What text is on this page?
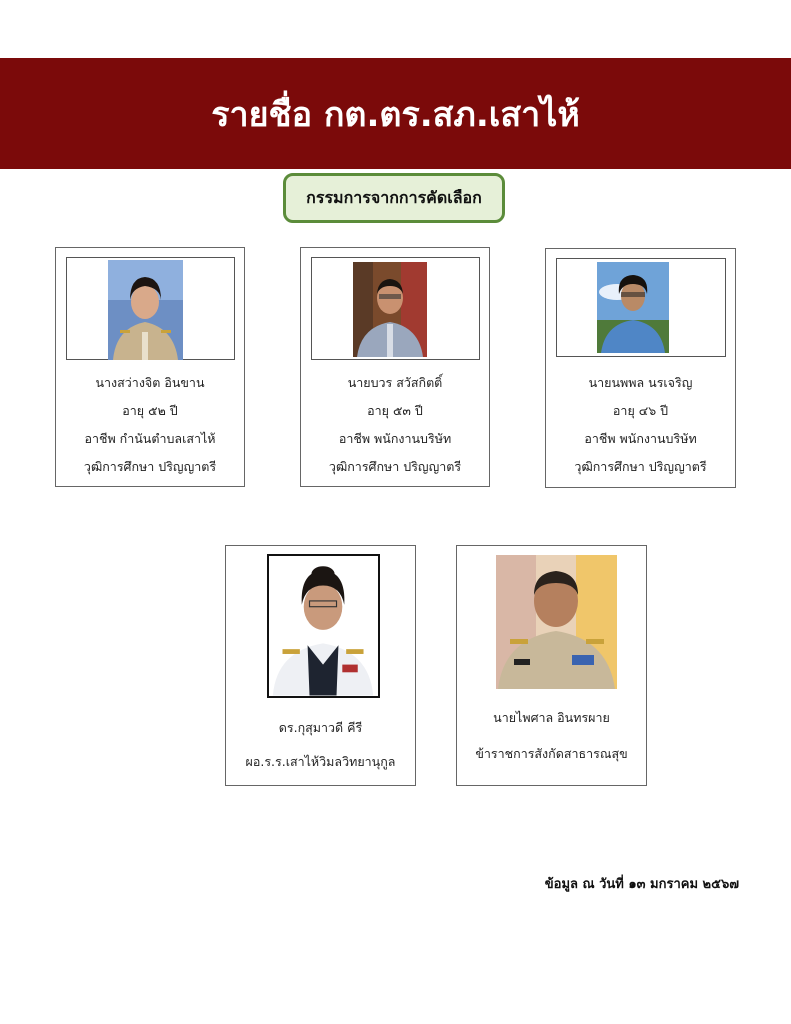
รายชื่อ กต.ตร.สภ.เสาไห้
กรรมการจากการคัดเลือก
นางสว่างจิต อินขาน
อายุ ๕๒ ปี
อาชีพ กำนันตำบลเสาไห้
วุฒิการศึกษา ปริญญาตรี
นายบวร สวัสกิตติ์
อายุ ๕๓ ปี
อาชีพ พนักงานบริษัท
วุฒิการศึกษา ปริญญาตรี
นายนพพล นรเจริญ
อายุ ๔๖ ปี
อาชีพ พนักงานบริษัท
วุฒิการศึกษา ปริญญาตรี
ดร.กุสุมาวดี คีรี
ผอ.ร.ร.เสาไห้วิมลวิทยานุกูล
นายไพศาล อินทรผาย
ข้าราชการสังกัดสาธารณสุข
ข้อมูล ณ วันที่ ๑๓ มกราคม ๒๕๖๗
